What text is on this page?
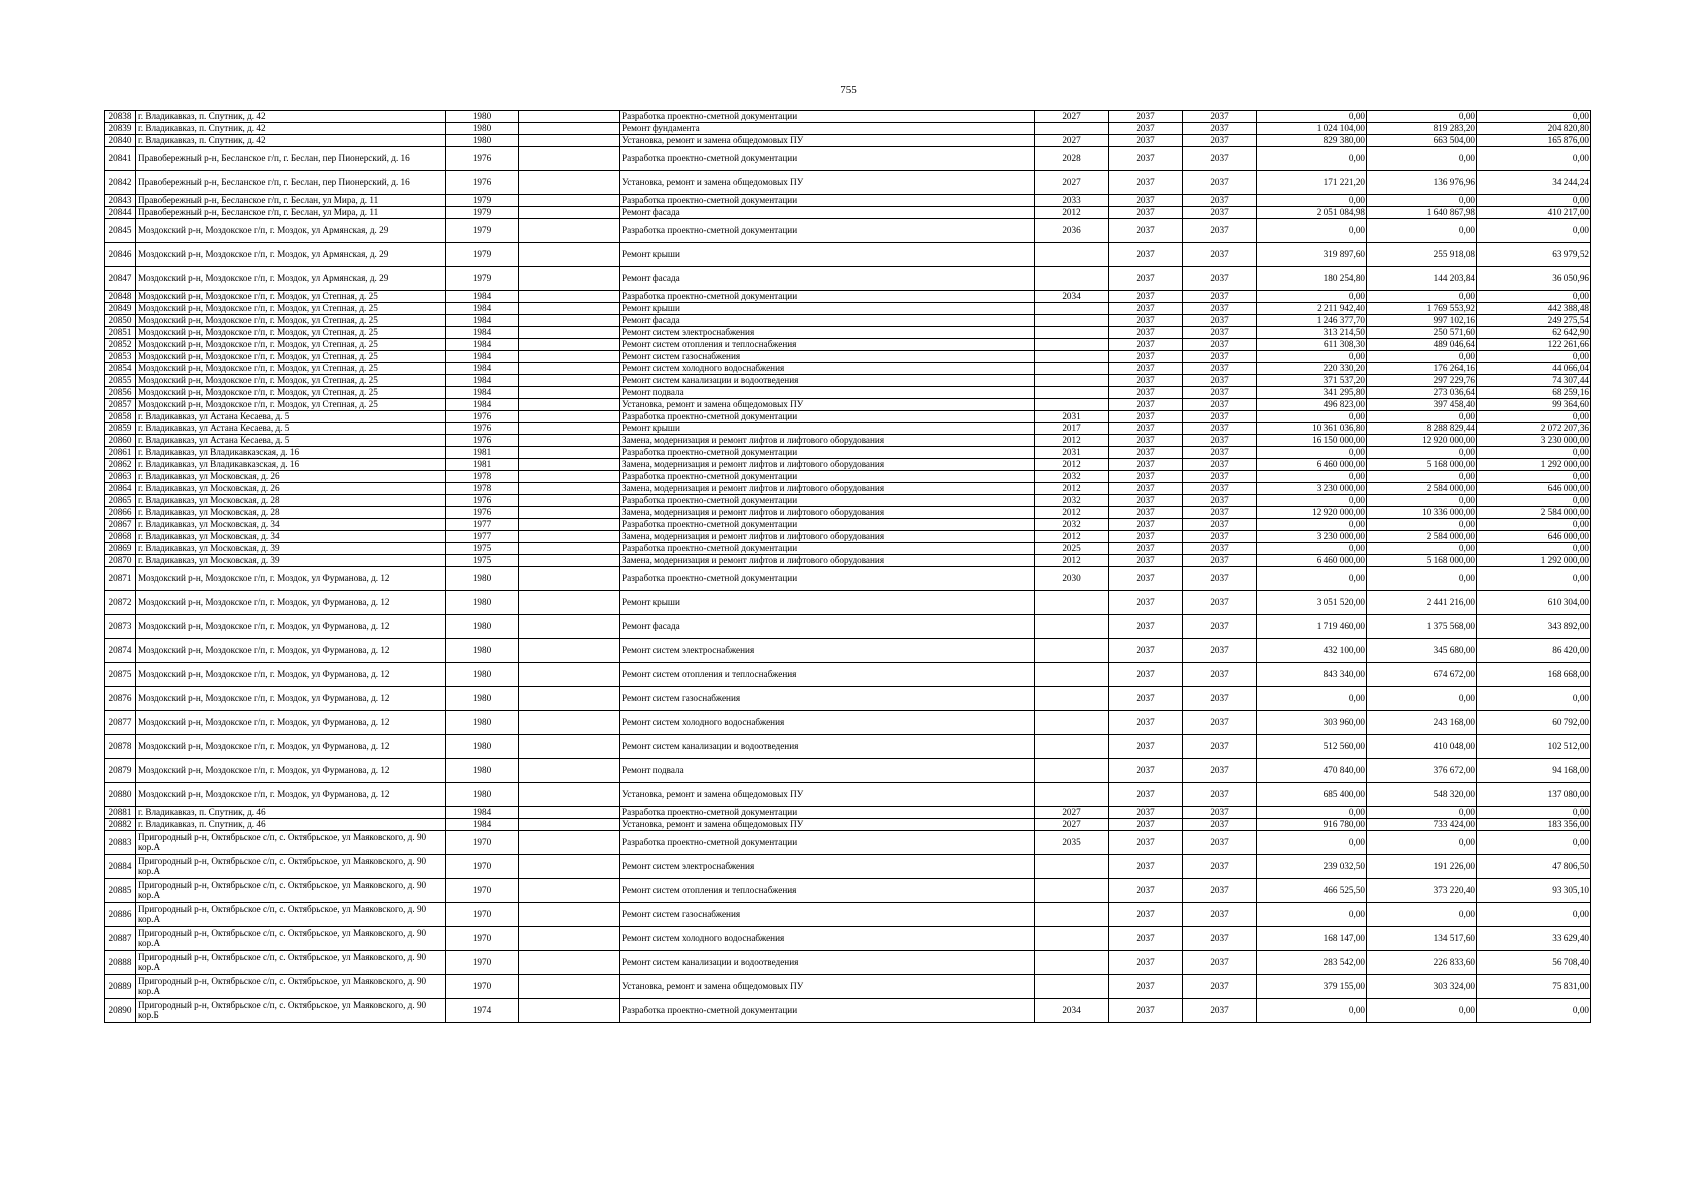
755
20838	г. Владикавказ, п. Спутник, д. 42	1980		Разработка проектно-сметной документации	2027	2037	2037	0,00	0,00	0,00
20839	г. Владикавказ, п. Спутник, д. 42	1980		Ремонт фундамента		2037	2037	1 024 104,00	819 283,20	204 820,80
20840	г. Владикавказ, п. Спутник, д. 42	1980		Установка, ремонт и замена общедомовых ПУ	2027	2037	2037	829 380,00	663 504,00	165 876,00
20841	Правобережный р-н, Беслaнское г/п, г. Беслан, пер Пионерский, д. 16	1976		Разработка проектно-сметной документации	2028	2037	2037	0,00	0,00	0,00
20842	Правобережный р-н, Беслaнское г/п, г. Беслан, пер Пионерский, д. 16	1976		Установка, ремонт и замена общедомовых ПУ	2027	2037	2037	171 221,20	136 976,96	34 244,24
20843	Правобережный р-н, Беслaнское г/п, г. Беслан, ул Мира, д. 11	1979		Разработка проектно-сметной документации	2033	2037	2037	0,00	0,00	0,00
20844	Правобережный р-н, Беслaнское г/п, г. Беслан, ул Мира, д. 11	1979		Ремонт фасада	2012	2037	2037	2 051 084,98	1 640 867,98	410 217,00
20845	Моздокский р-н, Моздокское г/п, г. Моздок, ул Армянская, д. 29	1979		Разработка проектно-сметной документации	2036	2037	2037	0,00	0,00	0,00
20846	Моздокский р-н, Моздокское г/п, г. Моздок, ул Армянская, д. 29	1979		Ремонт крыши		2037	2037	319 897,60	255 918,08	63 979,52
20847	Моздокский р-н, Моздокское г/п, г. Моздок, ул Армянская, д. 29	1979		Ремонт фасада		2037	2037	180 254,80	144 203,84	36 050,96
20848	Моздокский р-н, Моздокское г/п, г. Моздок, ул Степная, д. 25	1984		Разработка проектно-сметной документации	2034	2037	2037	0,00	0,00	0,00
20849	Моздокский р-н, Моздокское г/п, г. Моздок, ул Степная, д. 25	1984		Ремонт крыши		2037	2037	2 211 942,40	1 769 553,92	442 388,48
20850	Моздокский р-н, Моздокское г/п, г. Моздок, ул Степная, д. 25	1984		Ремонт фасада		2037	2037	1 246 377,70	997 102,16	249 275,54
20851	Моздокский р-н, Моздокское г/п, г. Моздок, ул Степная, д. 25	1984		Ремонт систем электроснабжения		2037	2037	313 214,50	250 571,60	62 642,90
20852	Моздокский р-н, Моздокское г/п, г. Моздок, ул Степная, д. 25	1984		Ремонт систем отопления и теплоснабжения		2037	2037	611 308,30	489 046,64	122 261,66
20853	Моздокский р-н, Моздокское г/п, г. Моздок, ул Степная, д. 25	1984		Ремонт систем газоснабжения		2037	2037	0,00	0,00	0,00
20854	Моздокский р-н, Моздокское г/п, г. Моздок, ул Степная, д. 25	1984		Ремонт систем холодного водоснабжения		2037	2037	220 330,20	176 264,16	44 066,04
20855	Моздокский р-н, Моздокское г/п, г. Моздок, ул Степная, д. 25	1984		Ремонт систем канализации и водоотведения		2037	2037	371 537,20	297 229,76	74 307,44
20856	Моздокский р-н, Моздокское г/п, г. Моздок, ул Степная, д. 25	1984		Ремонт подвала		2037	2037	341 295,80	273 036,64	68 259,16
20857	Моздокский р-н, Моздокское г/п, г. Моздок, ул Степная, д. 25	1984		Установка, ремонт и замена общедомовых ПУ		2037	2037	496 823,00	397 458,40	99 364,60
20858	г. Владикавказ, ул Астана Кесаева, д. 5	1976		Разработка проектно-сметной документации	2031	2037	2037	0,00	0,00	0,00
20859	г. Владикавказ, ул Астана Кесаева, д. 5	1976		Ремонт крыши	2017	2037	2037	10 361 036,80	8 288 829,44	2 072 207,36
20860	г. Владикавказ, ул Астана Кесаева, д. 5	1976		Замена, модернизация и ремонт лифтов и лифтового оборудования	2012	2037	2037	16 150 000,00	12 920 000,00	3 230 000,00
20861	г. Владикавказ, ул Владикавказская, д. 16	1981		Разработка проектно-сметной документации	2031	2037	2037	0,00	0,00	0,00
20862	г. Владикавказ, ул Владикавказская, д. 16	1981		Замена, модернизация и ремонт лифтов и лифтового оборудования	2012	2037	2037	6 460 000,00	5 168 000,00	1 292 000,00
20863	г. Владикавказ, ул Московская, д. 26	1978		Разработка проектно-сметной документации	2032	2037	2037	0,00	0,00	0,00
20864	г. Владикавказ, ул Московская, д. 26	1978		Замена, модернизация и ремонт лифтов и лифтового оборудования	2012	2037	2037	3 230 000,00	2 584 000,00	646 000,00
20865	г. Владикавказ, ул Московская, д. 28	1976		Разработка проектно-сметной документации	2032	2037	2037	0,00	0,00	0,00
20866	г. Владикавказ, ул Московская, д. 28	1976		Замена, модернизация и ремонт лифтов и лифтового оборудования	2012	2037	2037	12 920 000,00	10 336 000,00	2 584 000,00
20867	г. Владикавказ, ул Московская, д. 34	1977		Разработка проектно-сметной документации	2032	2037	2037	0,00	0,00	0,00
20868	г. Владикавказ, ул Московская, д. 34	1977		Замена, модернизация и ремонт лифтов и лифтового оборудования	2012	2037	2037	3 230 000,00	2 584 000,00	646 000,00
20869	г. Владикавказ, ул Московская, д. 39	1975		Разработка проектно-сметной документации	2025	2037	2037	0,00	0,00	0,00
20870	г. Владикавказ, ул Московская, д. 39	1975		Замена, модернизация и ремонт лифтов и лифтового оборудования	2012	2037	2037	6 460 000,00	5 168 000,00	1 292 000,00
20871	Моздокский р-н, Моздокское г/п, г. Моздок, ул Фурманова, д. 12	1980		Разработка проектно-сметной документации	2030	2037	2037	0,00	0,00	0,00
20872	Моздокский р-н, Моздокское г/п, г. Моздок, ул Фурманова, д. 12	1980		Ремонт крыши		2037	2037	3 051 520,00	2 441 216,00	610 304,00
20873	Моздокский р-н, Моздокское г/п, г. Моздок, ул Фурманова, д. 12	1980		Ремонт фасада		2037	2037	1 719 460,00	1 375 568,00	343 892,00
20874	Моздокский р-н, Моздокское г/п, г. Моздок, ул Фурманова, д. 12	1980		Ремонт систем электроснабжения		2037	2037	432 100,00	345 680,00	86 420,00
20875	Моздокский р-н, Моздокское г/п, г. Моздок, ул Фурманова, д. 12	1980		Ремонт систем отопления и теплоснабжения		2037	2037	843 340,00	674 672,00	168 668,00
20876	Моздокский р-н, Моздокское г/п, г. Моздок, ул Фурманова, д. 12	1980		Ремонт систем газоснабжения		2037	2037	0,00	0,00	0,00
20877	Моздокский р-н, Моздокское г/п, г. Моздок, ул Фурманова, д. 12	1980		Ремонт систем холодного водоснабжения		2037	2037	303 960,00	243 168,00	60 792,00
20878	Моздокский р-н, Моздокское г/п, г. Моздок, ул Фурманова, д. 12	1980		Ремонт систем канализации и водоотведения		2037	2037	512 560,00	410 048,00	102 512,00
20879	Моздокский р-н, Моздокское г/п, г. Моздок, ул Фурманова, д. 12	1980		Ремонт подвала		2037	2037	470 840,00	376 672,00	94 168,00
20880	Моздокский р-н, Моздокское г/п, г. Моздок, ул Фурманова, д. 12	1980		Установка, ремонт и замена общедомовых ПУ		2037	2037	685 400,00	548 320,00	137 080,00
20881	г. Владикавказ, п. Спутник, д. 46	1984		Разработка проектно-сметной документации	2027	2037	2037	0,00	0,00	0,00
20882	г. Владикавказ, п. Спутник, д. 46	1984		Установка, ремонт и замена общедомовых ПУ	2027	2037	2037	916 780,00	733 424,00	183 356,00
20883	Пригородный р-н, Октябрьское с/п, с. Октябрьское, ул Маяковского, д. 90 кор.А	1970		Разработка проектно-сметной документации	2035	2037	2037	0,00	0,00	0,00
20884	Пригородный р-н, Октябрьское с/п, с. Октябрьское, ул Маяковского, д. 90 кор.А	1970		Ремонт систем электроснабжения		2037	2037	239 032,50	191 226,00	47 806,50
20885	Пригородный р-н, Октябрьское с/п, с. Октябрьское, ул Маяковского, д. 90 кор.А	1970		Ремонт систем отопления и теплоснабжения		2037	2037	466 525,50	373 220,40	93 305,10
20886	Пригородный р-н, Октябрьское с/п, с. Октябрьское, ул Маяковского, д. 90 кор.А	1970		Ремонт систем газоснабжения		2037	2037	0,00	0,00	0,00
20887	Пригородный р-н, Октябрьское с/п, с. Октябрьское, ул Маяковского, д. 90 кор.А	1970		Ремонт систем холодного водоснабжения		2037	2037	168 147,00	134 517,60	33 629,40
20888	Пригородный р-н, Октябрьское с/п, с. Октябрьское, ул Маяковского, д. 90 кор.А	1970		Ремонт систем канализации и водоотведения		2037	2037	283 542,00	226 833,60	56 708,40
20889	Пригородный р-н, Октябрьское с/п, с. Октябрьское, ул Маяковского, д. 90 кор.А	1970		Установка, ремонт и замена общедомовых ПУ		2037	2037	379 155,00	303 324,00	75 831,00
20890	Пригородный р-н, Октябрьское с/п, с. Октябрьское, ул Маяковского, д. 90 кор.Б	1974		Разработка проектно-сметной документации	2034	2037	2037	0,00	0,00	0,00
